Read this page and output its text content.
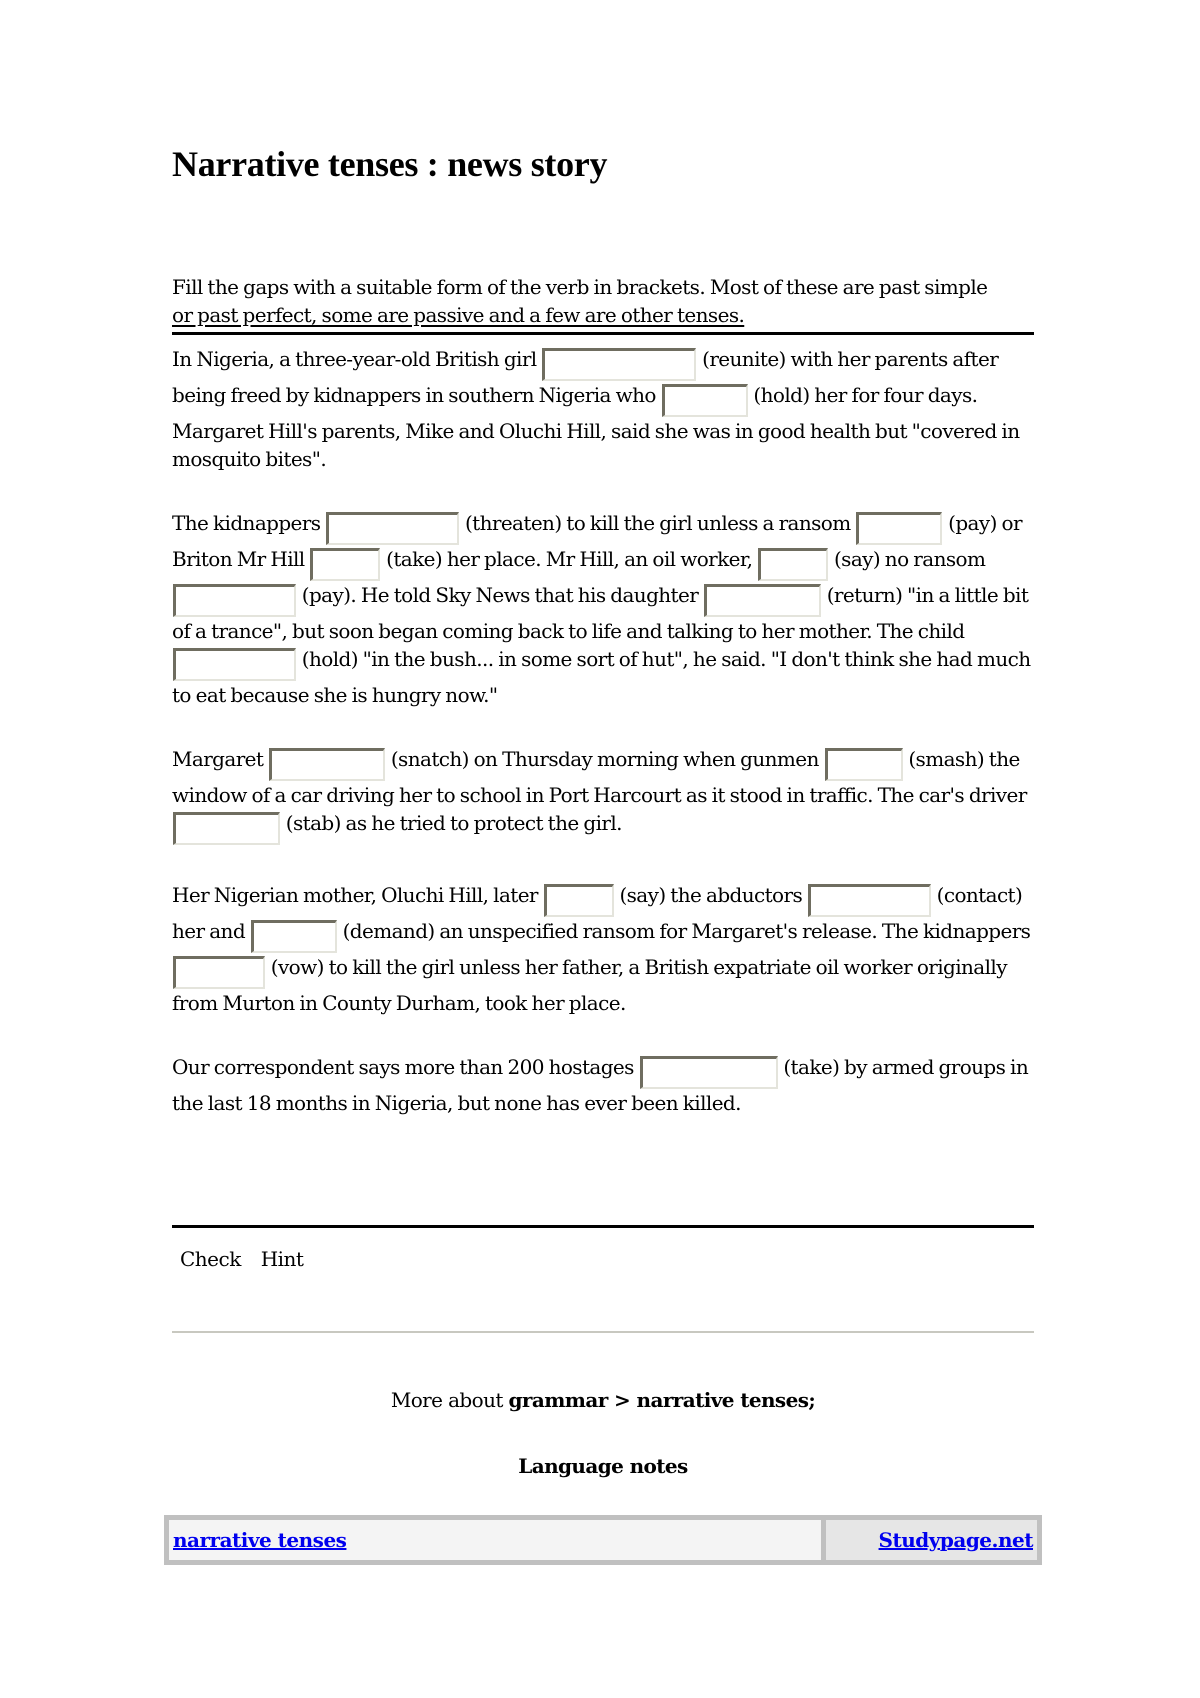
Narrative tenses : news story
Fill the gaps with a suitable form of the verb in brackets. Most of these are past simple
or past perfect, some are passive and a few are other tenses.

In Nigeria, a three-year-old British girl	(reunite) with her parents after being freed by kidnappers in southern Nigeria who	(hold) her for four days. Margaret Hill's parents, Mike and Oluchi Hill, said she was in good health but "covered in mosquito bites".

The kidnappers	(threaten) to kill the girl unless a ransom	(pay) or Briton Mr Hill	(take) her place. Mr Hill, an oil worker,	(say) no ransom  (pay). He told Sky News that his daughter	(return) "in a little bit of a trance", but soon began coming back to life and talking to her mother. The child  (hold) "in the bush... in some sort of hut", he said. "I don't think she had much to eat because she is hungry now."

Margaret	(snatch) on Thursday morning when gunmen	(smash) the window of a car driving her to school in Port Harcourt as it stood in traffic. The car's driver  (stab) as he tried to protect the girl.

Her Nigerian mother, Oluchi Hill, later	(say) the abductors	(contact) her and	(demand) an unspecified ransom for Margaret's release. The kidnappers  (vow) to kill the girl unless her father, a British expatriate oil worker originally from Murton in County Durham, took her place.

Our correspondent says more than 200 hostages	(take) by armed groups in the last 18 months in Nigeria, but none has ever been killed.

Check Hint
More about grammar > narrative tenses;
Language notes
narrative tenses	Studypage.net
